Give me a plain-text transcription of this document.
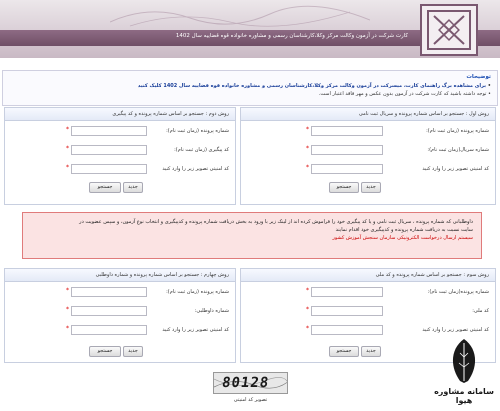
کارت شرکت در آزمون وکالت مرکز وکلا،کارشناسان رسمی و مشاوره خانواده قوه قضاییه سال 1402
توضیحات
• برای مشاهده برگ راهنمای کارت، میسرکت در آزمون وکالت مرکز وکلا،کارشناسان رسمی و مشاوره خانواده قوه قضاییه سال 1402 کلیک کنید
• توجه داشته باشید که کارت شرکت در آزمون بدون عکس و مهر فاقد اعتبار است.
روش اول : جستجو بر اساس شماره پرونده و سریال ثبت نامی
شماره پرونده (زمان ثبت نام):
*
شماره سریال(زمان ثبت نام):
*
کد امنیتی تصویر زیر را وارد کنید
*
جدید
جستجو
روش دوم : جستجو بر اساس شماره پرونده و کد پیگیری
شماره پرونده (زمان ثبت نام):
*
کد پیگیری (زمان ثبت نام):
*
کد امنیتی تصویر زیر را وارد کنید
*
جدید
جستجو

داوطلبانی که شماره پرونده ، سریال ثبت نامی و یا کد پیگیری خود را فراموش کرده اند از لینک زیر با ورود به بخش دریافت شماره پرونده و کدپیگیری و انتخاب نوع آزمون، و سپس عضویت در

سایت نسبت به دریافت شماره پرونده و کدپیگیری خود اقدام نمایند

سیستم ارسال درخواست الکترونیکی سازمان سنجش آموزش کشور

روش سوم : جستجو بر اساس شماره پرونده و کد ملی
شماره پرونده(زمان ثبت نام):
*
کد ملی:
*
کد امنیتی تصویر زیر را وارد کنید
*
جدید
جستجو
روش چهارم : جستجو بر اساس شماره پرونده و شماره داوطلبی
شماره پرونده (زمان ثبت نام):
*
شماره داوطلبی:
*
کد امنیتی تصویر زیر را وارد کنید
*
جدید
جستجو
80128
تصویر کد امنیتی
سامانه مشاوره هیوا
